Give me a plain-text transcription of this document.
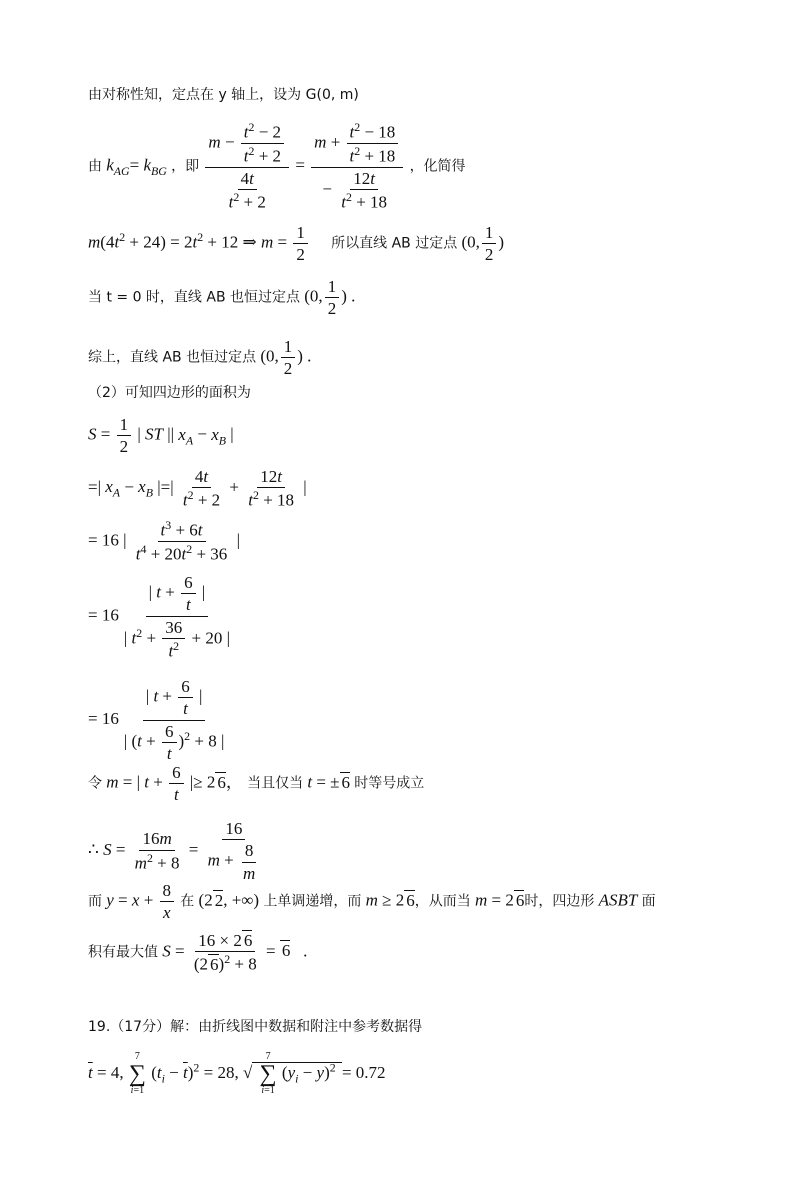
由对称性知，定点在 y 轴上，设为 G(0, m)
由 $k_{AG}= k_{BG}$ ，即 $\frac{m - \frac{t^2 - 2}{t^2 + 2}}{\frac{4t}{t^2 + 2}} = \frac{m + \frac{t^2 - 18}{t^2 + 18}}{- \frac{12t}{t^2 + 18}}$ ，化简得
$m(4t^2 + 24) = 2t^2 + 12$ ⇒ $m = \frac{1}{2}$ 所以直线 AB 过定点 (0, $\frac{1}{2}$ )
当 t = 0 时，直线 AB 也恒过定点 (0, $\frac{1}{2}$ ) .
综上，直线 AB 也恒过定点 (0, $\frac{1}{2}$ ) .
（2）可知四边形的面积为
$S = \frac{1}{2}$ | ST || $x_A - x_B$ |
=| $x_A - x_B$ |=| $\frac{4t}{t^2 + 2} + \frac{12t}{t^2 + 18}$ |
= 16 | $\frac{t^3 + 6t}{t^4 + 20t^2 + 36}$ |
= $16 \frac{| t + \frac{6}{t} |}{| t^2 + \frac{36}{t^2} + 20 |}$
= $16 \frac{| t + \frac{6}{t} |}{| (t + \frac{6}{t} )^2 + 8 |}$
令 m = | $t + \frac{6}{t}$ |≥ 2 6， 当且仅当 t = ± 6 时等号成立
∴ $S = \frac{16m}{m^2 + 8} = \frac{16}{m + \frac{8}{m}}$
而 $y = x + \frac{8}{x}$ 在 (2 2, +∞) 上单调递增，而 m ≥ 2 6，从而当 m = 2 6时，四边形 ASBT 面
积有最大值 $S = \frac{16 \times 2 6}{(2 6)^2 + 8} = 6$   .
19.（17分）解：由折线图中数据和附注中参考数据得
$\overline{t} = 4$,
7
∑
i=1
$(t_i - \overline{t})^2 = 28$, √
7
∑
i=1
$(y_i - \overline{y})^2 = 0.72$
